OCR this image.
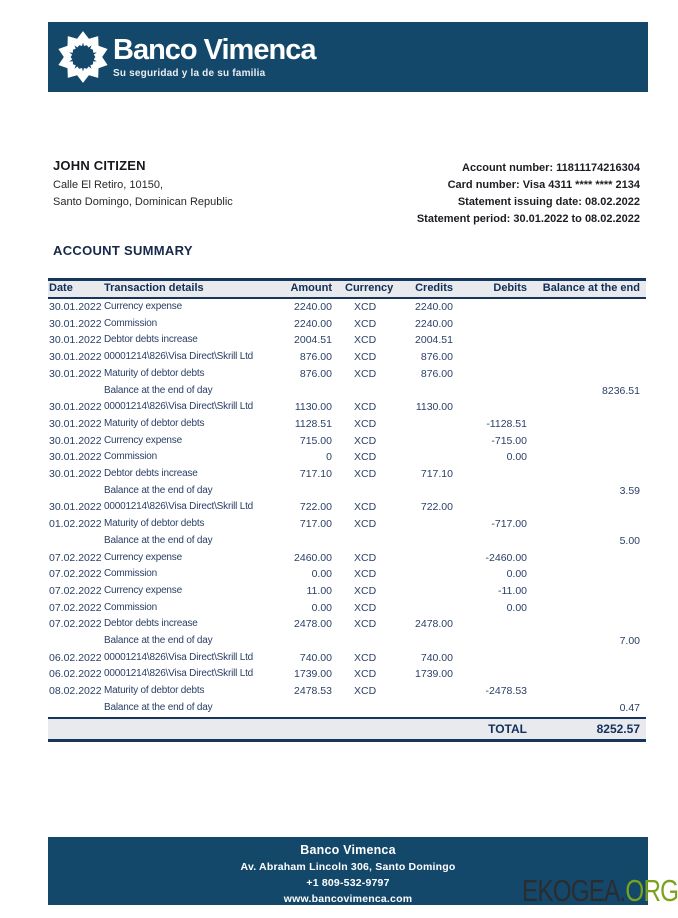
Banco Vimenca
Su seguridad y la de su familia
JOHN CITIZEN
Calle El Retiro, 10150,
Santo Domingo, Dominican Republic
Account number: 11811174216304
Card number: Visa 4311 **** **** 2134
Statement issuing date: 08.02.2022
Statement period: 30.01.2022 to 08.02.2022
ACCOUNT SUMMARY
Date	Transaction details	Amount	Currency	Credits	Debits	Balance at the end
30.01.2022	Currency expense	2240.00	XCD	2240.00		
30.01.2022	Commission	2240.00	XCD	2240.00		
30.01.2022	Debtor debts increase	2004.51	XCD	2004.51		
30.01.2022	00001214\826\Visa Direct\Skrill Ltd	876.00	XCD	876.00		
30.01.2022	Maturity of debtor debts	876.00	XCD	876.00		
	Balance at the end of day					8236.51
30.01.2022	00001214\826\Visa Direct\Skrill Ltd	1130.00	XCD	1130.00		
30.01.2022	Maturity of debtor debts	1128.51	XCD		-1128.51	
30.01.2022	Currency expense	715.00	XCD		-715.00	
30.01.2022	Commission	0	XCD		0.00	
30.01.2022	Debtor debts increase	717.10	XCD	717.10		
	Balance at the end of day					3.59
30.01.2022	00001214\826\Visa Direct\Skrill Ltd	722.00	XCD	722.00		
01.02.2022	Maturity of debtor debts	717.00	XCD		-717.00	
	Balance at the end of day					5.00
07.02.2022	Currency expense	2460.00	XCD		-2460.00	
07.02.2022	Commission	0.00	XCD		0.00	
07.02.2022	Currency expense	11.00	XCD		-11.00	
07.02.2022	Commission	0.00	XCD		0.00	
07.02.2022	Debtor debts increase	2478.00	XCD	2478.00		
	Balance at the end of day					7.00
06.02.2022	00001214\826\Visa Direct\Skrill Ltd	740.00	XCD	740.00		
06.02.2022	00001214\826\Visa Direct\Skrill Ltd	1739.00	XCD	1739.00		
08.02.2022	Maturity of debtor debts	2478.53	XCD		-2478.53	
	Balance at the end of day					0.47
					TOTAL	8252.57
Banco Vimenca
Av. Abraham Lincoln 306, Santo Domingo
+1 809-532-9797
www.bancovimenca.com	EKOGEA.ORG
